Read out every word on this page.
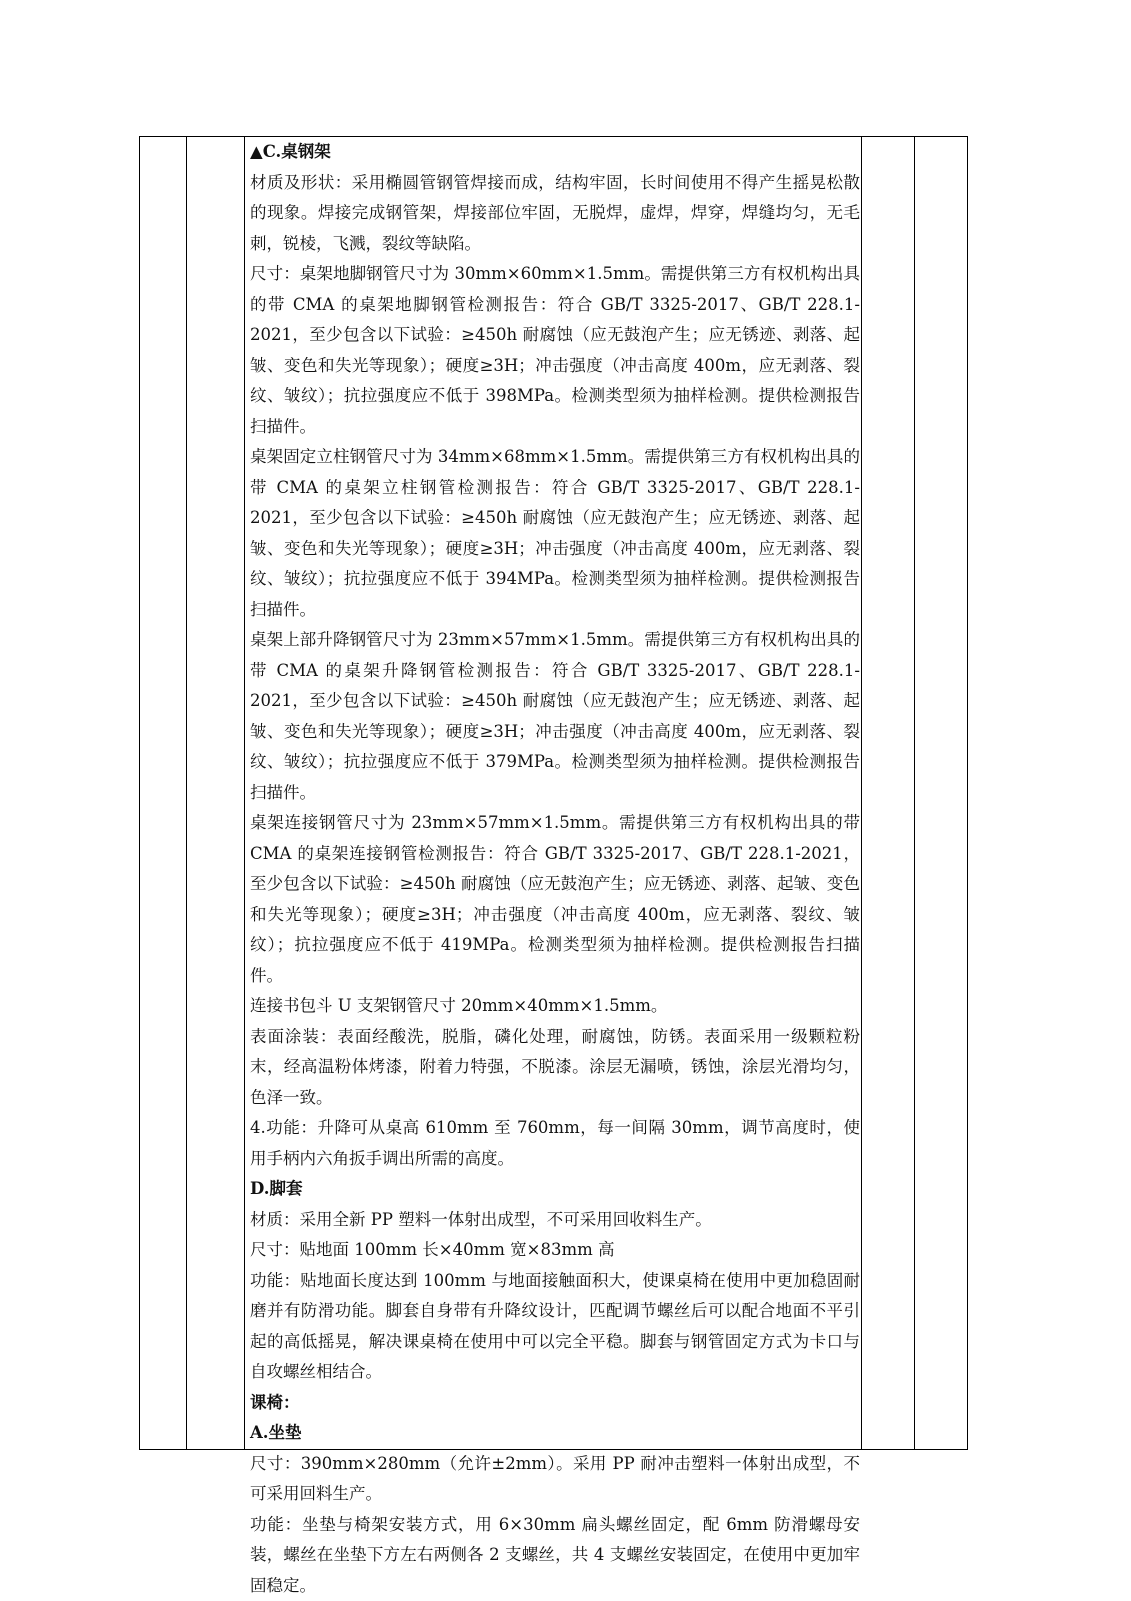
▲C.桌钢架

材质及形状：采用椭圆管钢管焊接而成，结构牢固，长时间使用不得产生摇晃松散的现象。焊接完成钢管架，焊接部位牢固，无脱焊，虚焊，焊穿，焊缝均匀，无毛刺，锐棱，飞溅，裂纹等缺陷。

尺寸：桌架地脚钢管尺寸为 30mm×60mm×1.5mm。需提供第三方有权机构出具的带 CMA 的桌架地脚钢管检测报告：符合 GB/T 3325-2017、GB/T 228.1-2021，至少包含以下试验：≥450h 耐腐蚀（应无鼓泡产生；应无锈迹、剥落、起皱、变色和失光等现象）；硬度≥3H；冲击强度（冲击高度 400m，应无剥落、裂纹、皱纹）；抗拉强度应不低于 398MPa。检测类型须为抽样检测。提供检测报告扫描件。

桌架固定立柱钢管尺寸为 34mm×68mm×1.5mm。需提供第三方有权机构出具的带 CMA 的桌架立柱钢管检测报告：符合 GB/T 3325-2017、GB/T 228.1-2021，至少包含以下试验：≥450h 耐腐蚀（应无鼓泡产生；应无锈迹、剥落、起皱、变色和失光等现象）；硬度≥3H；冲击强度（冲击高度 400m，应无剥落、裂纹、皱纹）；抗拉强度应不低于 394MPa。检测类型须为抽样检测。提供检测报告扫描件。

桌架上部升降钢管尺寸为 23mm×57mm×1.5mm。需提供第三方有权机构出具的带 CMA 的桌架升降钢管检测报告：符合 GB/T 3325-2017、GB/T 228.1-2021，至少包含以下试验：≥450h 耐腐蚀（应无鼓泡产生；应无锈迹、剥落、起皱、变色和失光等现象）；硬度≥3H；冲击强度（冲击高度 400m，应无剥落、裂纹、皱纹）；抗拉强度应不低于 379MPa。检测类型须为抽样检测。提供检测报告扫描件。

桌架连接钢管尺寸为 23mm×57mm×1.5mm。需提供第三方有权机构出具的带 CMA 的桌架连接钢管检测报告：符合 GB/T 3325-2017、GB/T 228.1-2021，至少包含以下试验：≥450h 耐腐蚀（应无鼓泡产生；应无锈迹、剥落、起皱、变色和失光等现象）；硬度≥3H；冲击强度（冲击高度 400m，应无剥落、裂纹、皱纹）；抗拉强度应不低于 419MPa。检测类型须为抽样检测。提供检测报告扫描件。

连接书包斗 U 支架钢管尺寸 20mm×40mm×1.5mm。

表面涂装：表面经酸洗，脱脂，磷化处理，耐腐蚀，防锈。表面采用一级颗粒粉末，经高温粉体烤漆，附着力特强，不脱漆。涂层无漏喷，锈蚀，涂层光滑均匀，色泽一致。

4.功能：升降可从桌高 610mm 至 760mm，每一间隔 30mm，调节高度时，使用手柄内六角扳手调出所需的高度。

D.脚套

材质：采用全新 PP 塑料一体射出成型，不可采用回收料生产。

尺寸：贴地面 100mm 长×40mm 宽×83mm 高

功能：贴地面长度达到 100mm 与地面接触面积大，使课桌椅在使用中更加稳固耐磨并有防滑功能。脚套自身带有升降纹设计，匹配调节螺丝后可以配合地面不平引起的高低摇晃，解决课桌椅在使用中可以完全平稳。脚套与钢管固定方式为卡口与自攻螺丝相结合。

课椅：

A.坐垫

尺寸：390mm×280mm（允许±2mm）。采用 PP 耐冲击塑料一体射出成型，不可采用回料生产。

功能：坐垫与椅架安装方式，用 6×30mm 扁头螺丝固定，配 6mm 防滑螺母安装，螺丝在坐垫下方左右两侧各 2 支螺丝，共 4 支螺丝安装固定，在使用中更加牢固稳定。
